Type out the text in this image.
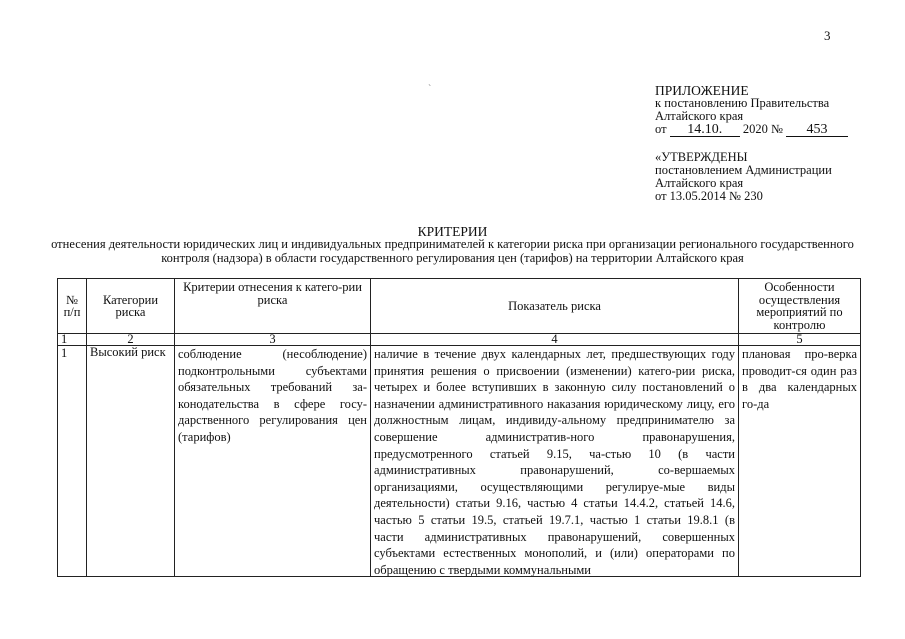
3
`	ПРИЛОЖЕНИЕ
к постановлению Правительства
Алтайского края
от 14.10. 2020 № 453
«УТВЕРЖДЕНЫ
постановлением Администрации
Алтайского края
от 13.05.2014 № 230
КРИТЕРИИ
отнесения деятельности юридических лиц и индивидуальных предпринимателей к категории риска при организации регионального государственного контроля (надзора) в области государственного регулирования цен (тарифов) на территории Алтайского края
№ п/п	Категории риска	Критерии отнесения к катего-рии риска	Показатель риска	Особенности осуществления мероприятий по контролю
1	2	3	4	5
1	Высокий риск	соблюдение (несоблюдение) подконтрольными субъектами обязательных требований за-конодательства в сфере госу-дарственного регулирования цен (тарифов)	наличие в течение двух календарных лет, предшествующих году принятия решения о присвоении (изменении) катего-рии риска, четырех и более вступивших в законную силу постановлений о назначении административного наказания юридическому лицу, его должностным лицам, индивиду-альному предпринимателю за совершение административ-ного правонарушения, предусмотренного статьей 9.15, ча-стью 10 (в части административных правонарушений, со-вершаемых организациями, осуществляющими регулируе-мые виды деятельности) статьи 9.16, частью 4 статьи 14.4.2, статьей 14.6, частью 5 статьи 19.5, статьей 19.7.1, частью 1 статьи 19.8.1 (в части административных правонарушений, совершенных субъектами естественных монополий, и (или) операторами по обращению с твердыми коммунальными	плановая про-верка проводит-ся один раз в два календарных го-да
